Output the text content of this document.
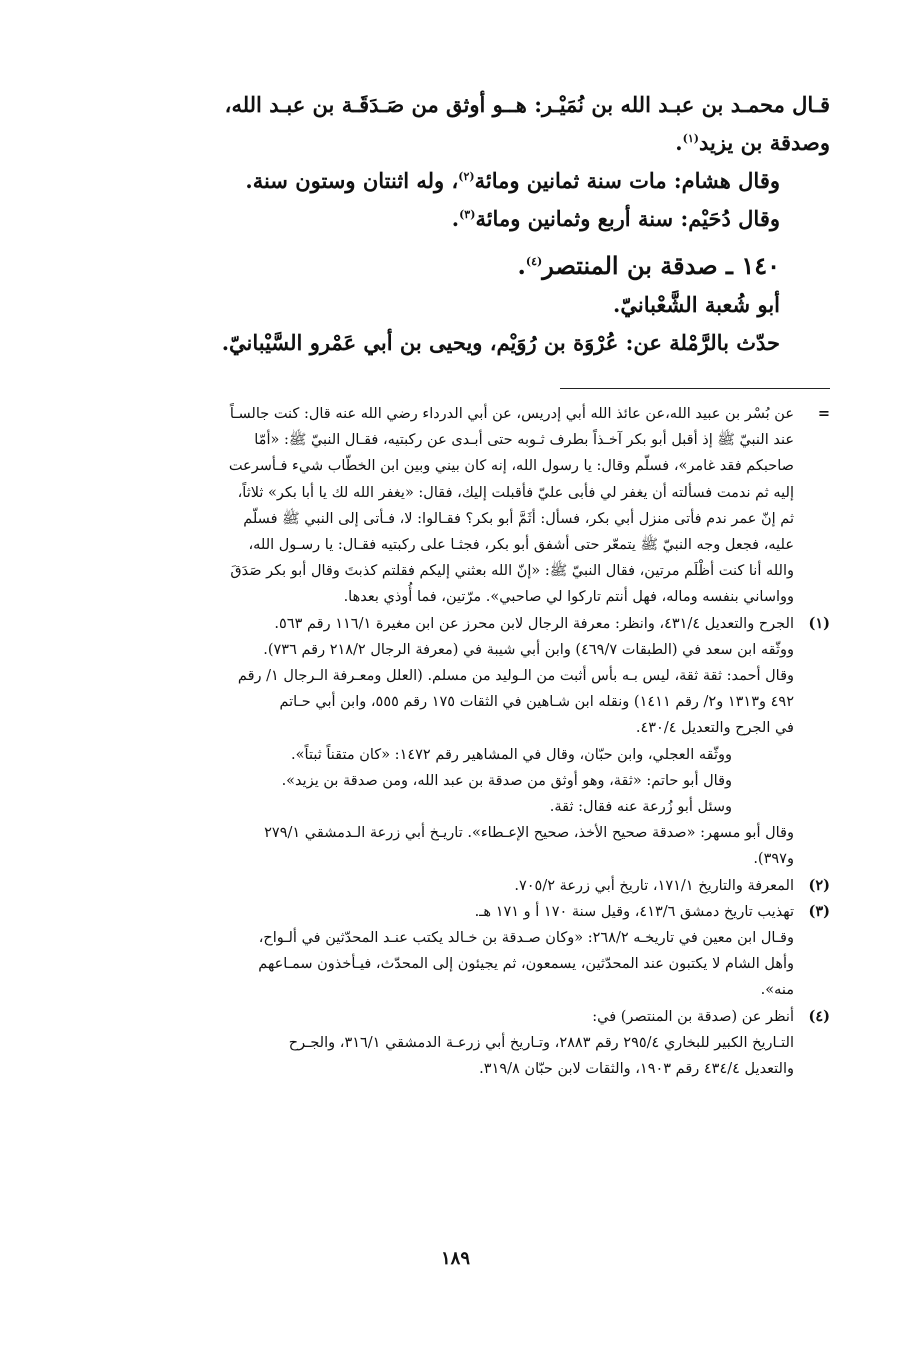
قـال محمـد بن عبـد الله بن نُمَيْـر: هــو أوثق من صَـدَقَـة بن عبـد الله،

وصدقة بن يزيد$^{(١)}$.

وقال هشام: مات سنة ثمانين ومائة$^{(٢)}$، وله اثنتان وستون سنة.

وقال دُحَيْم: سنة أربع وثمانين ومائة$^{(٣)}$.

١٤٠ ـ صدقة بن المنتصر$^{(٤)}$.

أبو شُعبة الشَّعْبانيّ.

حدّث بالرَّمْلة عن: عُرْوَة بن رُوَيْم، ويحيى بن أبي عَمْرو السَّيْبانيّ.

=

عن بُسْر بن عبيد الله،عن عائذ الله أبي إدريس، عن أبي الدرداء رضي الله عنه قال: كنت جالسـاً

عند النبيّ ﷺ إذ أقبل أبو بكر آخـذاً بطرف ثـوبه حتى أبـدى عن ركبتيه، فقـال النبيّ ﷺ: «أمّا

صاحبكم فقد غامر»، فسلّم وقال: يا رسول الله، إنه كان بيني وبين ابن الخطّاب شيء فـأسرعت

إليه ثم ندمت فسألته أن يغفر لي فأبى عليّ فأقبلت إليك، فقال: «يغفر الله لك يا أبا بكر» ثلاثاً،

ثم إنّ عمر ندم فأتى منزل أبي بكر، فسأل: أثَمَّ أبو بكر؟ فقـالوا: لا، فـأتى إلى النبي ﷺ فسلّم

عليه، فجعل وجه النبيّ ﷺ يتمعّر حتى أشفق أبو بكر، فجثـا على ركبتيه فقـال: يا رسـول الله،

والله أنا كنت أظْلَم مرتين، فقال النبيّ ﷺ: «إنّ الله بعثني إليكم فقلتم كذبتَ وقال أبو بكر صَدَقَ

وواساني بنفسه وماله، فهل أنتم تاركوا لي صاحبي». مرّتين، فما أُوذي بعدها.

(١)

الجرح والتعديل ٤٣١/٤، وانظر: معرفة الرجال لابن محرز عن ابن مغيرة ١١٦/١ رقم ٥٦٣.

ووثّقه ابن سعد في (الطبقات ٤٦٩/٧) وابن أبي شيبة في (معرفة الرجال ٢١٨/٢ رقم ٧٣٦).

وقال أحمد: ثقة ثقة، ليس بـه بأس أثبت من الـوليد من مسلم. (العلل ومعـرفة الـرجال ١/ رقم

٤٩٢ و١٣١٣ و٢/ رقم ١٤١١) ونقله ابن شـاهين في الثقات ١٧٥ رقم ٥٥٥، وابن أبي حـاتم

في الجرح والتعديل ٤٣٠/٤.

ووثّقه العجلي، وابن حبّان، وقال في المشاهير رقم ١٤٧٢: «كان متقناً ثبتاً».

وقال أبو حاتم: «ثقة، وهو أوثق من صدقة بن عبد الله، ومن صدقة بن يزيد».

وسئل أبو زُرعة عنه فقال: ثقة.

وقال أبو مسهر: «صدقة صحيح الأخذ، صحيح الإعـطاء». تاريـخ أبي زرعة الـدمشقي ٢٧٩/١

و٣٩٧).

(٢)

المعرفة والتاريخ ١٧١/١، تاريخ أبي زرعة ٧٠٥/٢.

(٣)

تهذيب تاريخ دمشق ٤١٣/٦، وقيل سنة ١٧٠ أ و ١٧١ هـ.

وقـال ابن معين في تاريخـه ٢٦٨/٢: «وكان صـدقة بن خـالد يكتب عنـد المحدّثين في ألـواح،

وأهل الشام لا يكتبون عند المحدّثين، يسمعون، ثم يجيئون إلى المحدّث، فيـأخذون سمـاعهم

منه».

(٤)

أنظر عن (صدقة بن المنتصر) في:

التـاريخ الكبير للبخاري ٢٩٥/٤ رقم ٢٨٨٣، وتـاريخ أبي زرعـة الدمشقي ٣١٦/١، والجـرح

والتعديل ٤٣٤/٤ رقم ١٩٠٣، والثقات لابن حبّان ٣١٩/٨.

١٨٩
